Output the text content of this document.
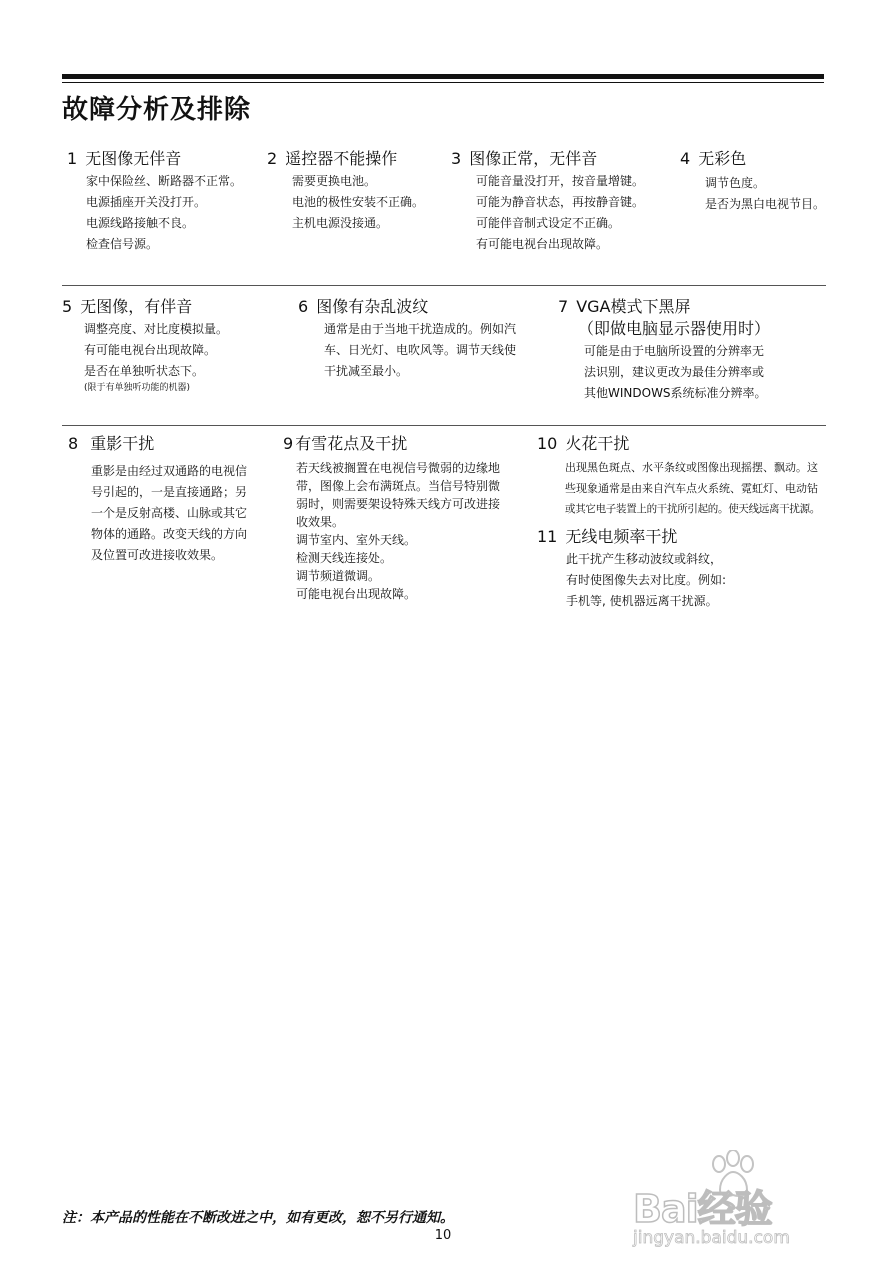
故障分析及排除
1 无图像无伴音
家中保险丝、断路器不正常。
电源插座开关没打开。
电源线路接触不良。
检查信号源。
2 遥控器不能操作
需要更换电池。
电池的极性安装不正确。
主机电源没接通。
3 图像正常，无伴音
可能音量没打开，按音量增键。
可能为静音状态，再按静音键。
可能伴音制式设定不正确。
有可能电视台出现故障。
4 无彩色
调节色度。
是否为黑白电视节目。
5 无图像，有伴音
调整亮度、对比度模拟量。
有可能电视台出现故障。
是否在单独听状态下。
(限于有单独听功能的机器)
6 图像有杂乱波纹
通常是由于当地干扰造成的。例如汽
车、日光灯、电吹风等。调节天线使
干扰减至最小。
7 VGA模式下黑屏
（即做电脑显示器使用时）
可能是由于电脑所设置的分辨率无
法识别，建议更改为最佳分辨率或
其他WINDOWS系统标准分辨率。
8 重影干扰
重影是由经过双通路的电视信
号引起的，一是直接通路；另
一个是反射高楼、山脉或其它
物体的通路。改变天线的方向
及位置可改进接收效果。
9 有雪花点及干扰
若天线被搁置在电视信号微弱的边缘地
带，图像上会布满斑点。当信号特别微
弱时，则需要架设特殊天线方可改进接
收效果。
调节室内、室外天线。
检测天线连接处。
调节频道微调。
可能电视台出现故障。
10 火花干扰
出现黑色斑点、水平条纹或图像出现摇摆、飘动。这
些现象通常是由来自汽车点火系统、霓虹灯、电动钻
或其它电子装置上的干扰所引起的。使天线远离干扰源。
11 无线电频率干扰
此干扰产生移动波纹或斜纹，
有时使图像失去对比度。例如:
手机等, 使机器远离干扰源。
Bai经验
jingyan.baidu.com
注：本产品的性能在不断改进之中，如有更改，恕不另行通知。
10
